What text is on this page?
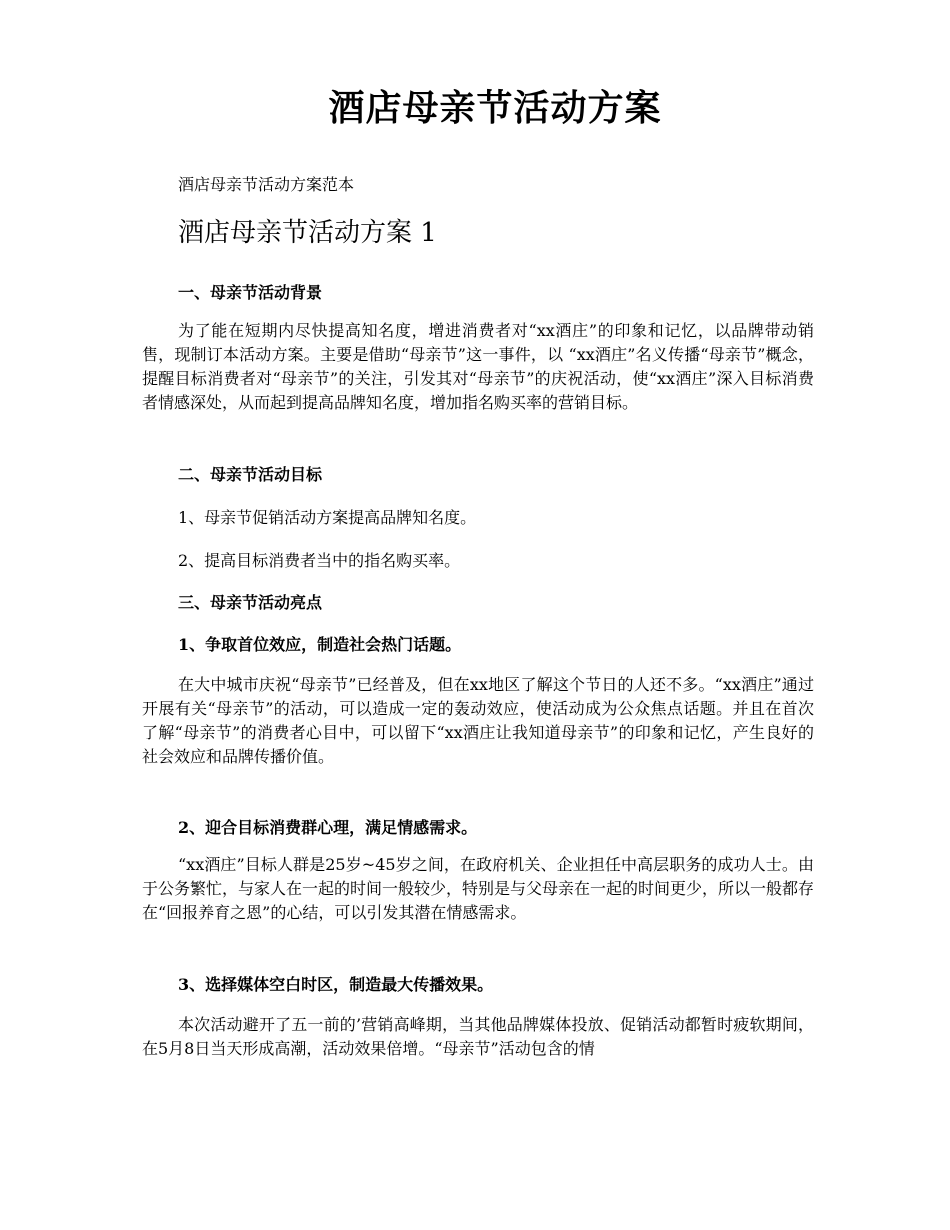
酒店母亲节活动方案
酒店母亲节活动方案范本
酒店母亲节活动方案 1
一、母亲节活动背景
为了能在短期内尽快提高知名度，增进消费者对“xx酒庄”的印象和记忆，以品牌带动销售，现制订本活动方案。主要是借助“母亲节”这一事件，以 “xx酒庄”名义传播“母亲节”概念，提醒目标消费者对“母亲节”的关注，引发其对“母亲节”的庆祝活动，使“xx酒庄”深入目标消费者情感深处，从而起到提高品牌知名度，增加指名购买率的营销目标。
二、母亲节活动目标
1、母亲节促销活动方案提高品牌知名度。
2、提高目标消费者当中的指名购买率。
三、母亲节活动亮点
1、争取首位效应，制造社会热门话题。
在大中城市庆祝“母亲节”已经普及，但在xx地区了解这个节日的人还不多。“xx酒庄”通过开展有关“母亲节”的活动，可以造成一定的轰动效应，使活动成为公众焦点话题。并且在首次了解“母亲节”的消费者心目中，可以留下“xx酒庄让我知道母亲节”的印象和记忆，产生良好的社会效应和品牌传播价值。
2、迎合目标消费群心理，满足情感需求。
“xx酒庄”目标人群是25岁~45岁之间，在政府机关、企业担任中高层职务的成功人士。由于公务繁忙，与家人在一起的时间一般较少，特别是与父母亲在一起的时间更少，所以一般都存在“回报养育之恩”的心结，可以引发其潜在情感需求。
3、选择媒体空白时区，制造最大传播效果。
本次活动避开了五一前的’营销高峰期，当其他品牌媒体投放、促销活动都暂时疲软期间，在5月8日当天形成高潮，活动效果倍增。“母亲节”活动包含的情
